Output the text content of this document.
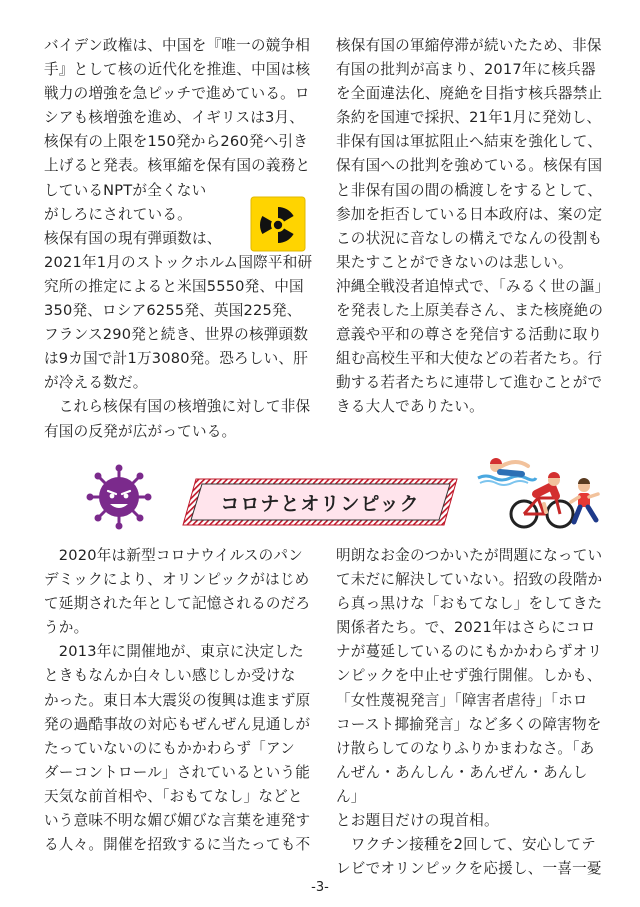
バイデン政権は、中国を『唯一の競争相
手』として核の近代化を推進、中国は核
戦力の増強を急ピッチで進めている。ロ
シアも核増強を進め、イギリスは3月、
核保有の上限を150発から260発へ引き
上げると発表。核軍縮を保有国の義務と
しているNPTが全くない
がしろにされている。

核保有国の現有弾頭数は、
2021年1月のストックホルム国際平和研
究所の推定によると米国5550発、中国
350発、ロシア6255発、英国225発、
フランス290発と続き、世界の核弾頭数
は9カ国で計1万3080発。恐ろしい、肝
が冷える数だ。

　これら核保有国の核増強に対して非保
有国の反発が広がっている。

核保有国の軍縮停滞が続いたため、非保
有国の批判が高まり、2017年に核兵器
を全面違法化、廃絶を目指す核兵器禁止
条約を国連で採択、21年1月に発効し、
非保有国は軍拡阻止へ結束を強化して、
保有国への批判を強めている。核保有国
と非保有国の間の橋渡しをするとして、
参加を拒否している日本政府は、案の定
この状況に音なしの構えでなんの役割も
果たすことができないのは悲しい。

沖縄全戦没者追悼式で、「みるく世の謳」
を発表した上原美春さん、また核廃絶の
意義や平和の尊さを発信する活動に取り
組む高校生平和大使などの若者たち。行
動する若者たちに連帯して進むことがで
きる大人でありたい。

コロナとオリンピック

　2020年は新型コロナウイルスのパン
デミックにより、オリンピックがはじめ
て延期された年として記憶されるのだろ
うか。

　2013年に開催地が、東京に決定した
ときもなんか白々しい感じしか受けな
かった。東日本大震災の復興は進まず原
発の過酷事故の対応もぜんぜん見通しが
たっていないのにもかかわらず「アン
ダーコントロール」されているという能
天気な前首相や、「おもてなし」などと
いう意味不明な媚び媚びな言葉を連発す
る人々。開催を招致するに当たっても不

明朗なお金のつかいたが問題になってい
て未だに解決していない。招致の段階か
ら真っ黒けな「おもてなし」をしてきた
関係者たち。で、2021年はさらにコロ
ナが蔓延しているのにもかかわらずオリ
ンピックを中止せず強行開催。しかも、
「女性蔑視発言」「障害者虐待」「ホロ
コースト揶揄発言」など多くの障害物を
け散らしてのなりふりかまわなさ。「あ
んぜん・あんしん・あんぜん・あんしん」
とお題目だけの現首相。

　ワクチン接種を2回して、安心してテ
レビでオリンピックを応援し、一喜一憂

-3-
